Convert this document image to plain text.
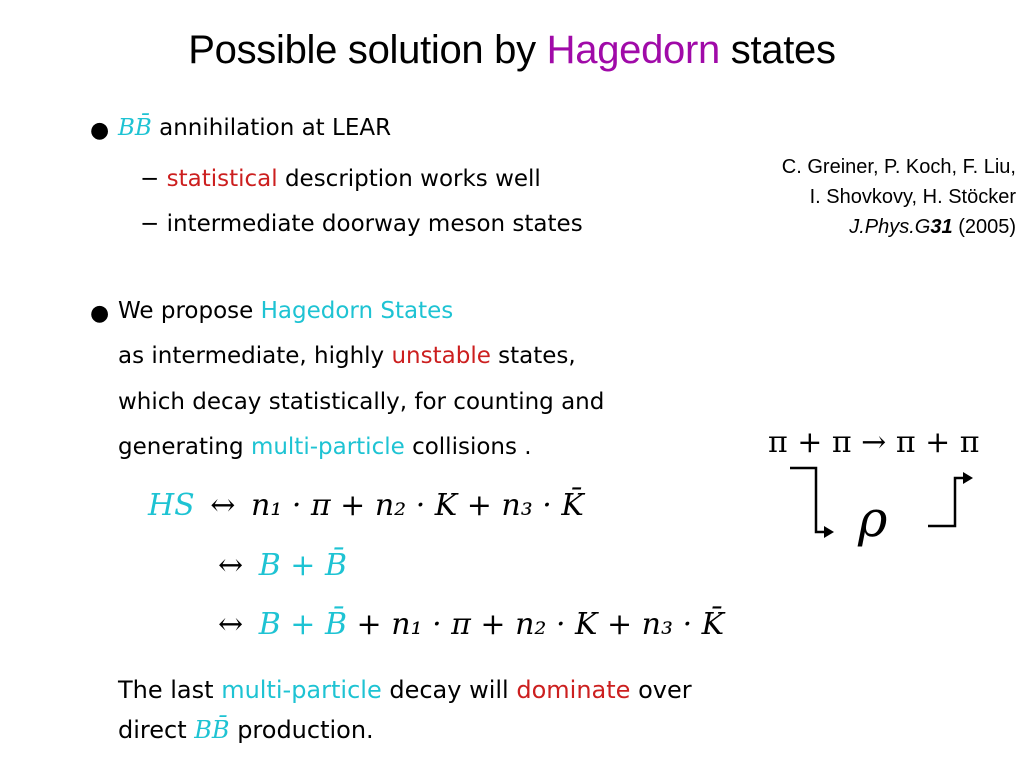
Possible solution by Hagedorn states
● BB̄ annihilation at LEAR
− statistical description works well
− intermediate doorway meson states
C. Greiner, P. Koch, F. Liu,
I. Shovkovy, H. Stöcker
J.Phys.G31 (2005)
● We propose Hagedorn States
as intermediate, highly unstable states,
which decay statistically, for counting and
generating multi-particle collisions .	π + π → π + π
ρ
HS ↔ n₁ · π + n₂ · K + n₃ · K̄
↔ B + B̄
↔ B + B̄ + n₁ · π + n₂ · K + n₃ · K̄
The last multi-particle decay will dominate over
direct BB̄ production.
